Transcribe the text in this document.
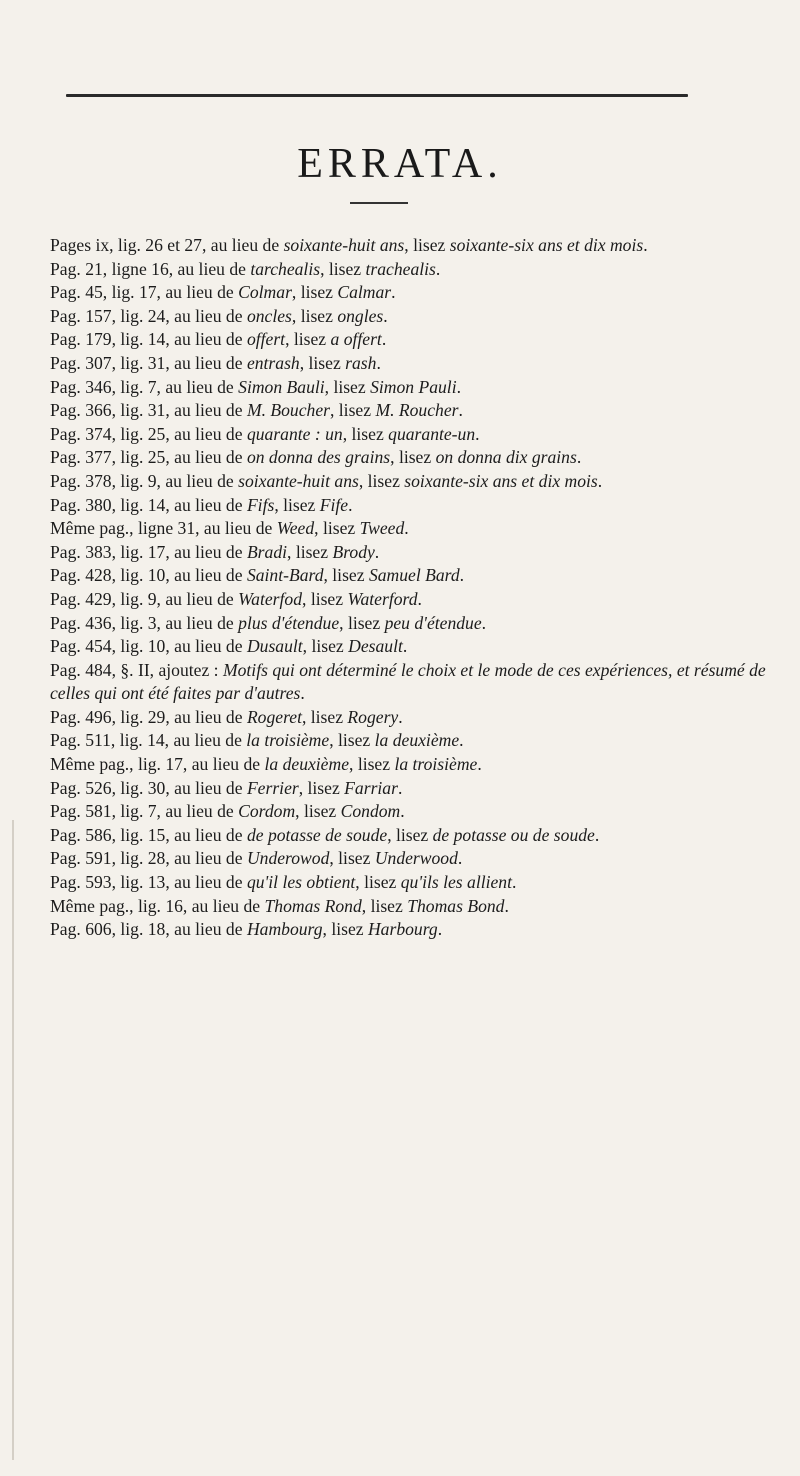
ERRATA.

Pages ix, lig. 26 et 27, au lieu de soixante-huit ans, lisez soixante-six ans et dix mois.

Pag. 21, ligne 16, au lieu de tarchealis, lisez trachealis.

Pag. 45, lig. 17, au lieu de Colmar, lisez Calmar.

Pag. 157, lig. 24, au lieu de oncles, lisez ongles.

Pag. 179, lig. 14, au lieu de offert, lisez a offert.

Pag. 307, lig. 31, au lieu de entrash, lisez rash.

Pag. 346, lig. 7, au lieu de Simon Bauli, lisez Simon Pauli.

Pag. 366, lig. 31, au lieu de M. Boucher, lisez M. Roucher.

Pag. 374, lig. 25, au lieu de quarante : un, lisez quarante-un.

Pag. 377, lig. 25, au lieu de on donna des grains, lisez on donna dix grains.

Pag. 378, lig. 9, au lieu de soixante-huit ans, lisez soixante-six ans et dix mois.

Pag. 380, lig. 14, au lieu de Fifs, lisez Fife.

Même pag., ligne 31, au lieu de Weed, lisez Tweed.

Pag. 383, lig. 17, au lieu de Bradi, lisez Brody.

Pag. 428, lig. 10, au lieu de Saint-Bard, lisez Samuel Bard.

Pag. 429, lig. 9, au lieu de Waterfod, lisez Waterford.

Pag. 436, lig. 3, au lieu de plus d'étendue, lisez peu d'étendue.

Pag. 454, lig. 10, au lieu de Dusault, lisez Desault.

Pag. 484, §. II, ajoutez : Motifs qui ont déterminé le choix et le mode de ces expériences, et résumé de celles qui ont été faites par d'autres.

Pag. 496, lig. 29, au lieu de Rogeret, lisez Rogery.

Pag. 511, lig. 14, au lieu de la troisième, lisez la deuxième.

Même pag., lig. 17, au lieu de la deuxième, lisez la troisième.

Pag. 526, lig. 30, au lieu de Ferrier, lisez Farriar.

Pag. 581, lig. 7, au lieu de Cordom, lisez Condom.

Pag. 586, lig. 15, au lieu de de potasse de soude, lisez de potasse ou de soude.

Pag. 591, lig. 28, au lieu de Underowod, lisez Underwood.

Pag. 593, lig. 13, au lieu de qu'il les obtient, lisez qu'ils les allient.

Même pag., lig. 16, au lieu de Thomas Rond, lisez Thomas Bond.

Pag. 606, lig. 18, au lieu de Hambourg, lisez Harbourg.
